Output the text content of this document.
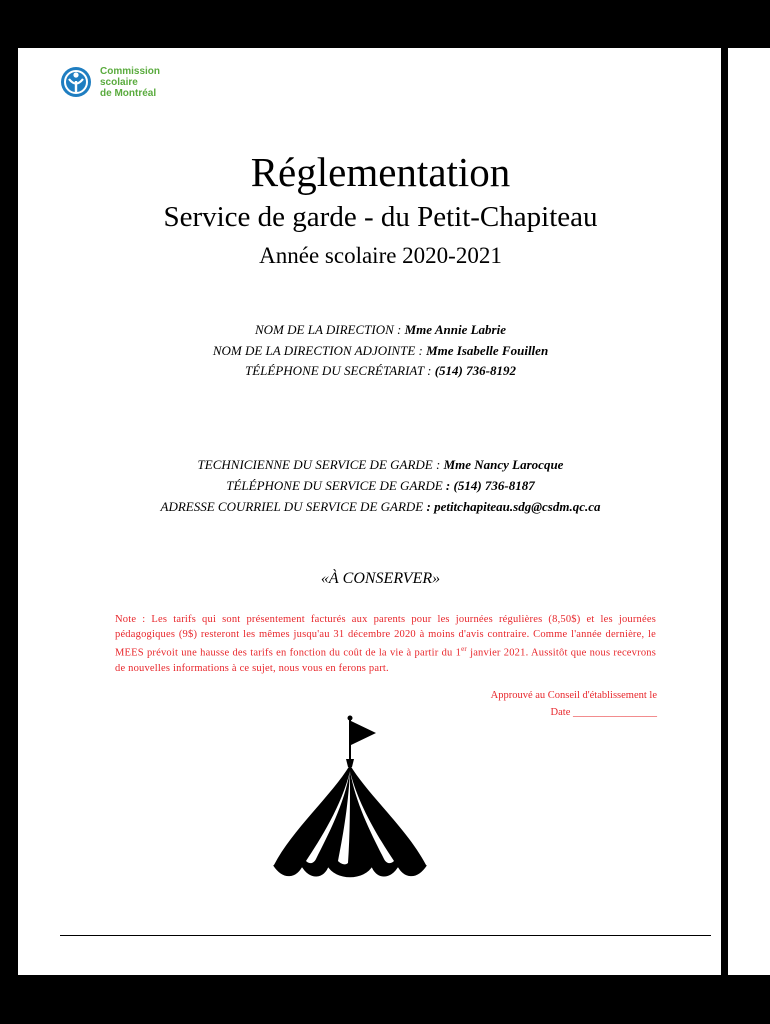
Commission
scolaire
de Montréal
Réglementation
Service de garde - du Petit-Chapiteau
Année scolaire 2020-2021
NOM DE LA DIRECTION : Mme Annie Labrie
NOM DE LA DIRECTION ADJOINTE : Mme Isabelle Fouillen
TÉLÉPHONE DU SECRÉTARIAT : (514) 736-8192
TECHNICIENNE DU SERVICE DE GARDE : Mme Nancy Larocque
TÉLÉPHONE DU SERVICE DE GARDE : (514) 736-8187
ADRESSE COURRIEL DU SERVICE DE GARDE : petitchapiteau.sdg@csdm.qc.ca
«À CONSERVER»
Note : Les tarifs qui sont présentement facturés aux parents pour les journées régulières (8,50$) et les journées pédagogiques (9$) resteront les mêmes jusqu'au 31 décembre 2020 à moins d'avis contraire. Comme l'année dernière, le MEES prévoit une hausse des tarifs en fonction du coût de la vie à partir du 1er janvier 2021. Aussitôt que nous recevrons de nouvelles informations à ce sujet, nous vous en ferons part.
Approuvé au Conseil d'établissement le
Date ________________
